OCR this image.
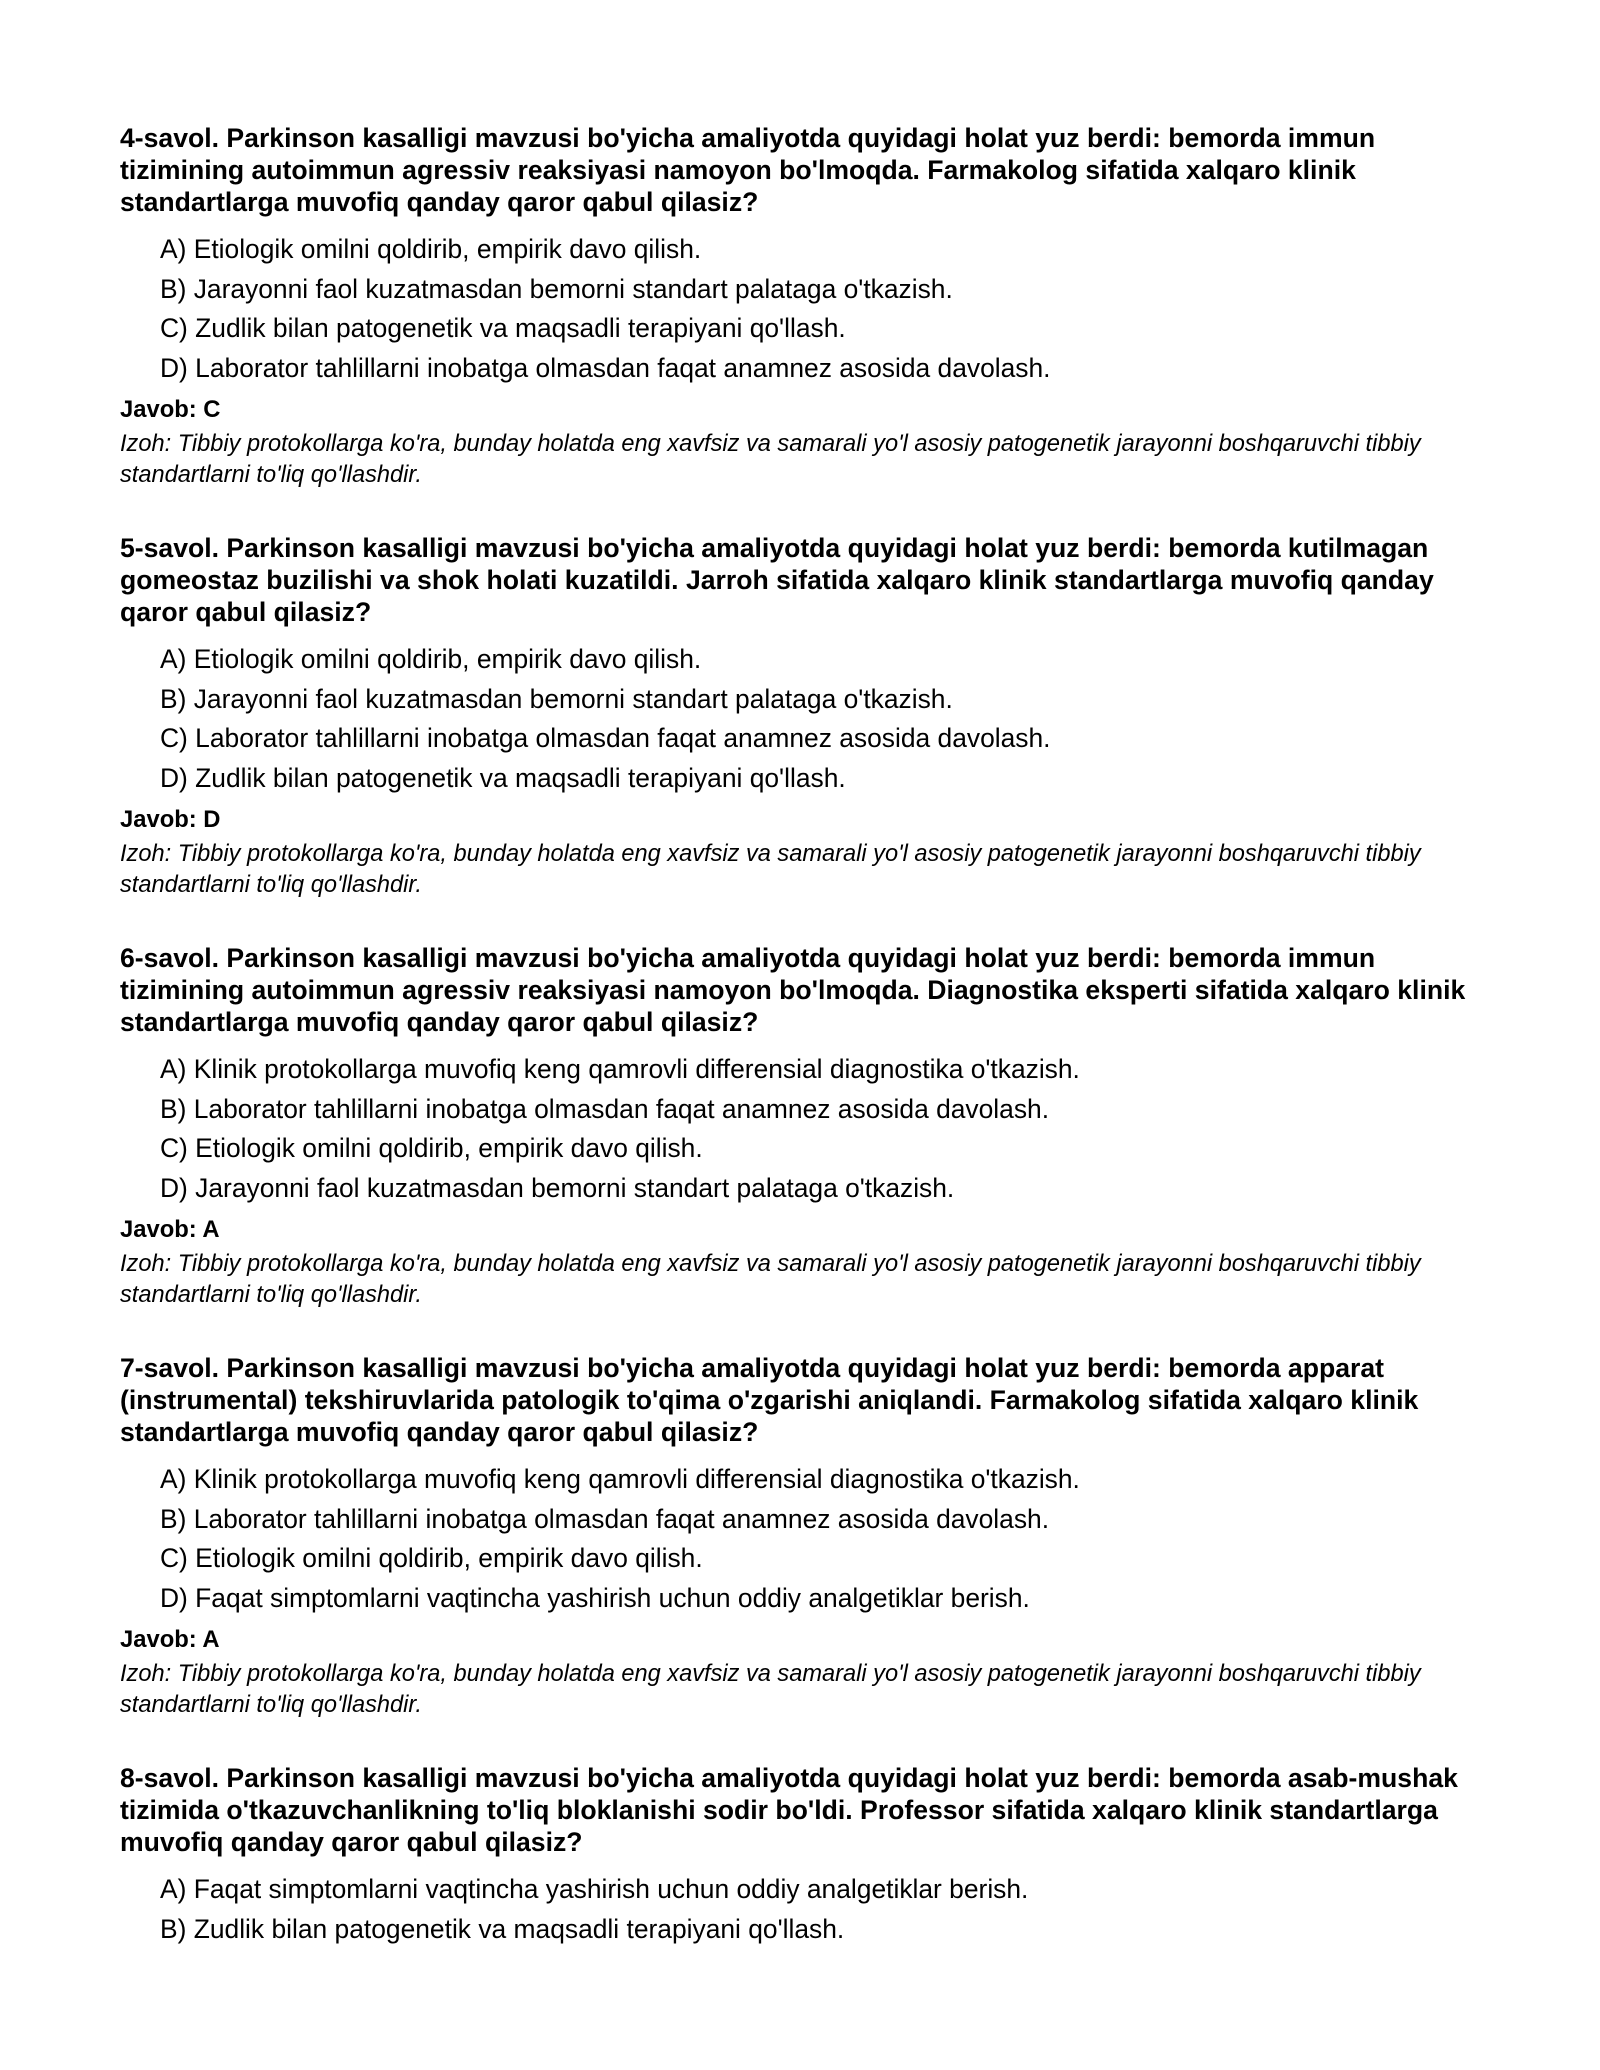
4-savol. Parkinson kasalligi mavzusi bo'yicha amaliyotda quyidagi holat yuz berdi: bemorda immun tizimining autoimmun agressiv reaksiyasi namoyon bo'lmoqda. Farmakolog sifatida xalqaro klinik standartlarga muvofiq qanday qaror qabul qilasiz?
A) Etiologik omilni qoldirib, empirik davo qilish.
B) Jarayonni faol kuzatmasdan bemorni standart palataga o'tkazish.
C) Zudlik bilan patogenetik va maqsadli terapiyani qo'llash.
D) Laborator tahlillarni inobatga olmasdan faqat anamnez asosida davolash.
Javob: C
Izoh: Tibbiy protokollarga ko'ra, bunday holatda eng xavfsiz va samarali yo'l asosiy patogenetik jarayonni boshqaruvchi tibbiy standartlarni to'liq qo'llashdir.
5-savol. Parkinson kasalligi mavzusi bo'yicha amaliyotda quyidagi holat yuz berdi: bemorda kutilmagan gomeostaz buzilishi va shok holati kuzatildi. Jarroh sifatida xalqaro klinik standartlarga muvofiq qanday qaror qabul qilasiz?
A) Etiologik omilni qoldirib, empirik davo qilish.
B) Jarayonni faol kuzatmasdan bemorni standart palataga o'tkazish.
C) Laborator tahlillarni inobatga olmasdan faqat anamnez asosida davolash.
D) Zudlik bilan patogenetik va maqsadli terapiyani qo'llash.
Javob: D
Izoh: Tibbiy protokollarga ko'ra, bunday holatda eng xavfsiz va samarali yo'l asosiy patogenetik jarayonni boshqaruvchi tibbiy standartlarni to'liq qo'llashdir.
6-savol. Parkinson kasalligi mavzusi bo'yicha amaliyotda quyidagi holat yuz berdi: bemorda immun tizimining autoimmun agressiv reaksiyasi namoyon bo'lmoqda. Diagnostika eksperti sifatida xalqaro klinik standartlarga muvofiq qanday qaror qabul qilasiz?
A) Klinik protokollarga muvofiq keng qamrovli differensial diagnostika o'tkazish.
B) Laborator tahlillarni inobatga olmasdan faqat anamnez asosida davolash.
C) Etiologik omilni qoldirib, empirik davo qilish.
D) Jarayonni faol kuzatmasdan bemorni standart palataga o'tkazish.
Javob: A
Izoh: Tibbiy protokollarga ko'ra, bunday holatda eng xavfsiz va samarali yo'l asosiy patogenetik jarayonni boshqaruvchi tibbiy standartlarni to'liq qo'llashdir.
7-savol. Parkinson kasalligi mavzusi bo'yicha amaliyotda quyidagi holat yuz berdi: bemorda apparat (instrumental) tekshiruvlarida patologik to'qima o'zgarishi aniqlandi. Farmakolog sifatida xalqaro klinik standartlarga muvofiq qanday qaror qabul qilasiz?
A) Klinik protokollarga muvofiq keng qamrovli differensial diagnostika o'tkazish.
B) Laborator tahlillarni inobatga olmasdan faqat anamnez asosida davolash.
C) Etiologik omilni qoldirib, empirik davo qilish.
D) Faqat simptomlarni vaqtincha yashirish uchun oddiy analgetiklar berish.
Javob: A
Izoh: Tibbiy protokollarga ko'ra, bunday holatda eng xavfsiz va samarali yo'l asosiy patogenetik jarayonni boshqaruvchi tibbiy standartlarni to'liq qo'llashdir.
8-savol. Parkinson kasalligi mavzusi bo'yicha amaliyotda quyidagi holat yuz berdi: bemorda asab-mushak tizimida o'tkazuvchanlikning to'liq bloklanishi sodir bo'ldi. Professor sifatida xalqaro klinik standartlarga muvofiq qanday qaror qabul qilasiz?
A) Faqat simptomlarni vaqtincha yashirish uchun oddiy analgetiklar berish.
B) Zudlik bilan patogenetik va maqsadli terapiyani qo'llash.
